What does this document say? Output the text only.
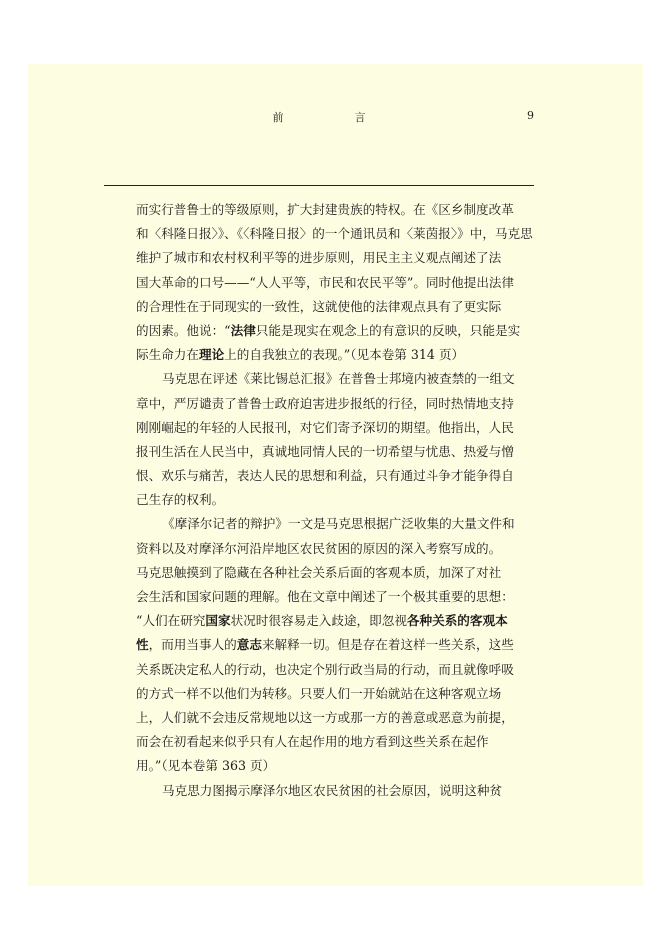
前　言	9
而实行普鲁士的等级原则，扩大封建贵族的特权。在《区乡制度改革
和〈科隆日报〉》、《〈科隆日报〉的一个通讯员和〈莱茵报〉》中，马克思
维护了城市和农村权利平等的进步原则，用民主主义观点阐述了法
国大革命的口号——“人人平等，市民和农民平等”。同时他提出法律
的合理性在于同现实的一致性，这就使他的法律观点具有了更实际
的因素。他说：“法律只能是现实在观念上的有意识的反映，只能是实
际生命力在理论上的自我独立的表现。”（见本卷第 314 页）
马克思在评述《莱比锡总汇报》在普鲁士邦境内被查禁的一组文
章中，严厉谴责了普鲁士政府迫害进步报纸的行径，同时热情地支持
刚刚崛起的年轻的人民报刊，对它们寄予深切的期望。他指出，人民
报刊生活在人民当中，真诚地同情人民的一切希望与忧患、热爱与憎
恨、欢乐与痛苦，表达人民的思想和利益，只有通过斗争才能争得自
己生存的权利。
《摩泽尔记者的辩护》一文是马克思根据广泛收集的大量文件和
资料以及对摩泽尔河沿岸地区农民贫困的原因的深入考察写成的。
马克思触摸到了隐藏在各种社会关系后面的客观本质，加深了对社
会生活和国家问题的理解。他在文章中阐述了一个极其重要的思想：
“人们在研究国家状况时很容易走入歧途，即忽视各种关系的客观本
性，而用当事人的意志来解释一切。但是存在着这样一些关系，这些
关系既决定私人的行动，也决定个别行政当局的行动，而且就像呼吸
的方式一样不以他们为转移。只要人们一开始就站在这种客观立场
上，人们就不会违反常规地以这一方或那一方的善意或恶意为前提，
而会在初看起来似乎只有人在起作用的地方看到这些关系在起作
用。”（见本卷第 363 页）
马克思力图揭示摩泽尔地区农民贫困的社会原因，说明这种贫
